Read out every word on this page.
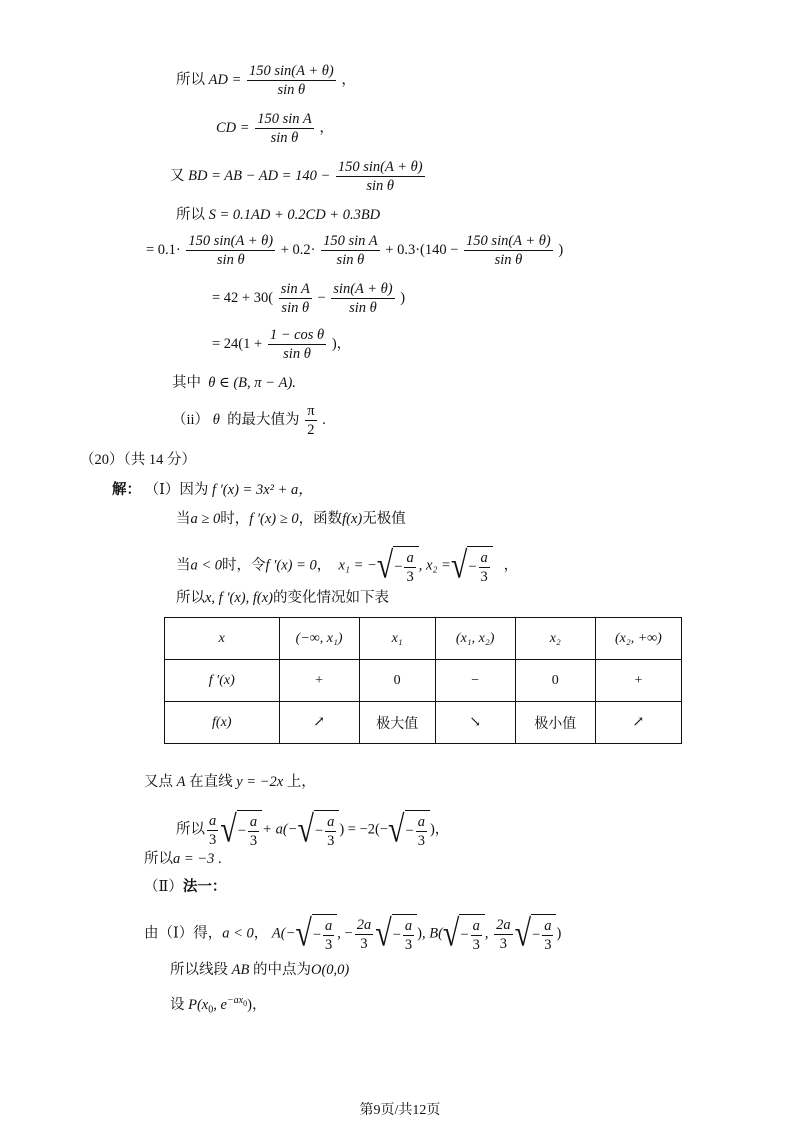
所以 AD = $\frac{150 \sin(A + \theta)}{\text{sin θ}}$ ，
CD = $\frac{\text{150 sin A}}{\text{sin θ}}$ ，
又 BD = AB − AD = $140 - \frac{150 \sin(A + \theta)}{\text{sin θ}}$
所以 S = 0.1AD + 0.2CD + 0.3BD
= $0.1\cdot \frac{150 \sin(A + \theta)}{\text{sin θ}} + 0.2\cdot \frac{\text{150 sin A}}{\text{sin θ}} + 0.3\cdot(140 - \frac{150 \sin(A + \theta)}{\text{sin θ}}$ )
= $42 + 30( \frac{\text{sin A}}{\text{sin θ}} - \frac{\sin(A + \theta)}{\text{sin θ}}$ )
= $24(1 + \frac{\text{1 − cos θ}}{\text{sin θ}}$ )，
其中 θ ∈ (B, π − A).
（ii） θ 的最大值为 $\frac{\pi}{2}$ .
（20）（共 14 分）
解： （Ⅰ）因为 f ′(x) = 3x² + a，
当a ≥ 0时，f ′(x) ≥ 0，函数f(x)无极值
当a < 0时，令f ′(x) = 0， x₁ = −√− $\frac{a}{3}$ , x₂ =√− $\frac{a}{3}$ ，
所以x, f ′(x), f(x)的变化情况如下表
x	(−∞, x₁)	x₁	(x₁, x₂)	x₂	(x₂, +∞)
f ′(x)	+	0	−	0	+
f(x)	↗	极大值	↘	极小值	↗
又点 A 在直线 y = −2x 上，
所以 $\frac{a}{3}$ √− $\frac{a}{3} + a(-√- \frac{a}{3}$ ) = $-2(-√- \frac{a}{3}$ )，
所以a = −3 .
（Ⅱ）法一：
由（Ⅰ）得，a < 0， $A(-√- \frac{a}{3}$ , − $\frac{2a}{3}$ √− $\frac{a}{3}$ ), $B(√- \frac{a}{3}$ , $\frac{2a}{3}$ √− $\frac{a}{3}$ )
所以线段 AB 的中点为O(0,0)
设 $P(x_0$, $e^{-ax_0}$)，
第9页/共12页
